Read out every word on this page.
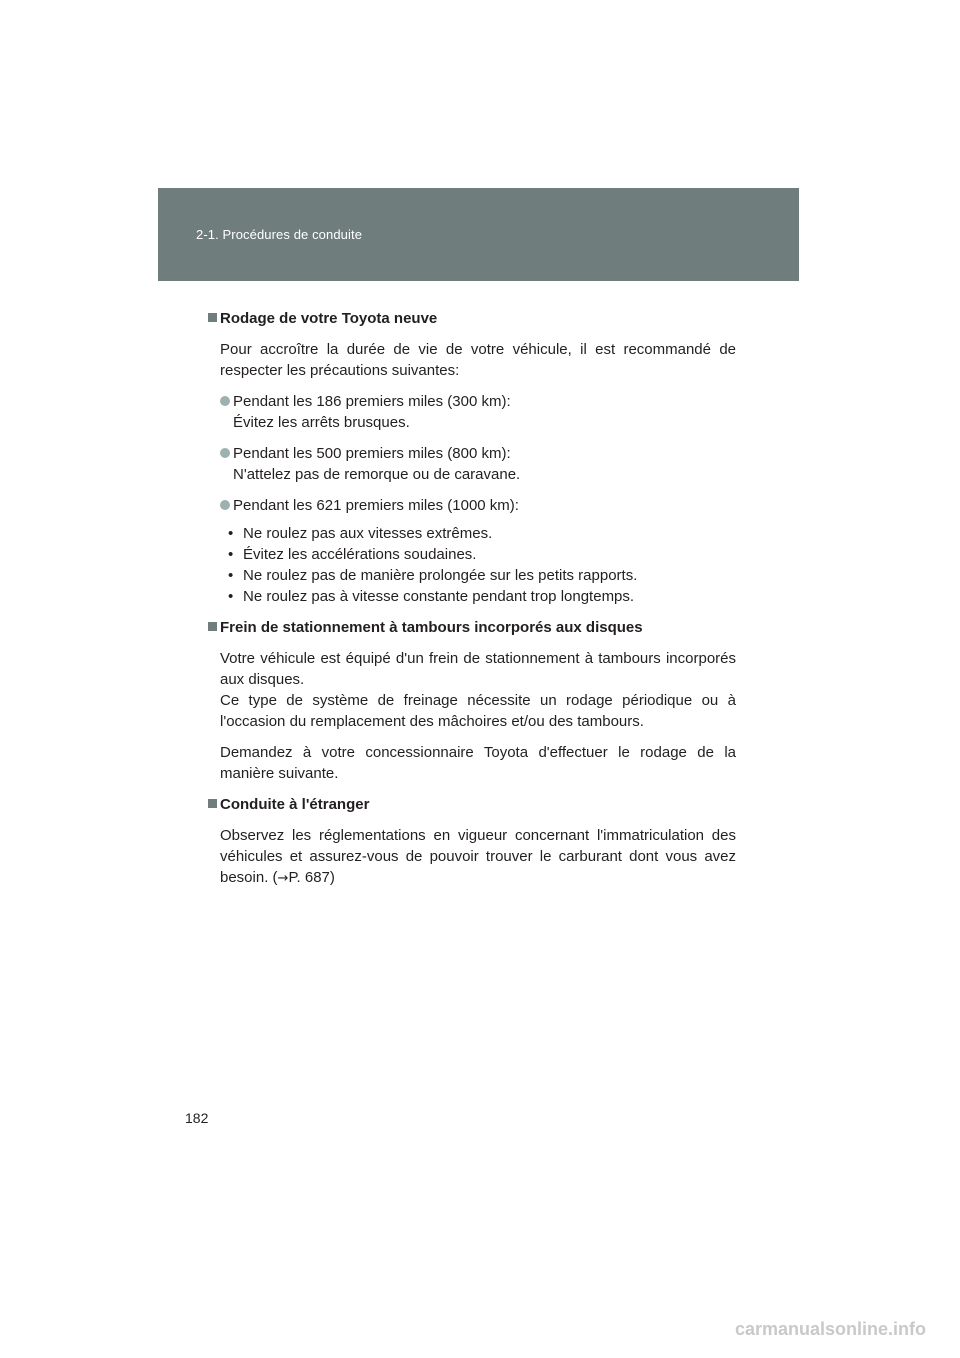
2-1. Procédures de conduite
Rodage de votre Toyota neuve

Pour accroître la durée de vie de votre véhicule, il est recommandé de respecter les précautions suivantes:

Pendant les 186 premiers miles (300 km):
Évitez les arrêts brusques.
Pendant les 500 premiers miles (800 km):
N'attelez pas de remorque ou de caravane.
Pendant les 621 premiers miles (1000 km):
• Ne roulez pas aux vitesses extrêmes.
• Évitez les accélérations soudaines.
• Ne roulez pas de manière prolongée sur les petits rapports.
• Ne roulez pas à vitesse constante pendant trop longtemps.
Frein de stationnement à tambours incorporés aux disques
Votre véhicule est équipé d'un frein de stationnement à tambours incorporés aux disques.
Ce type de système de freinage nécessite un rodage périodique ou à l'occasion du remplacement des mâchoires et/ou des tambours.

Demandez à votre concessionnaire Toyota d'effectuer le rodage de la manière suivante.

Conduite à l'étranger

Observez les réglementations en vigueur concernant l'immatriculation des véhicules et assurez-vous de pouvoir trouver le carburant dont vous avez besoin. (→P. 687)

182
carmanualsonline.info
